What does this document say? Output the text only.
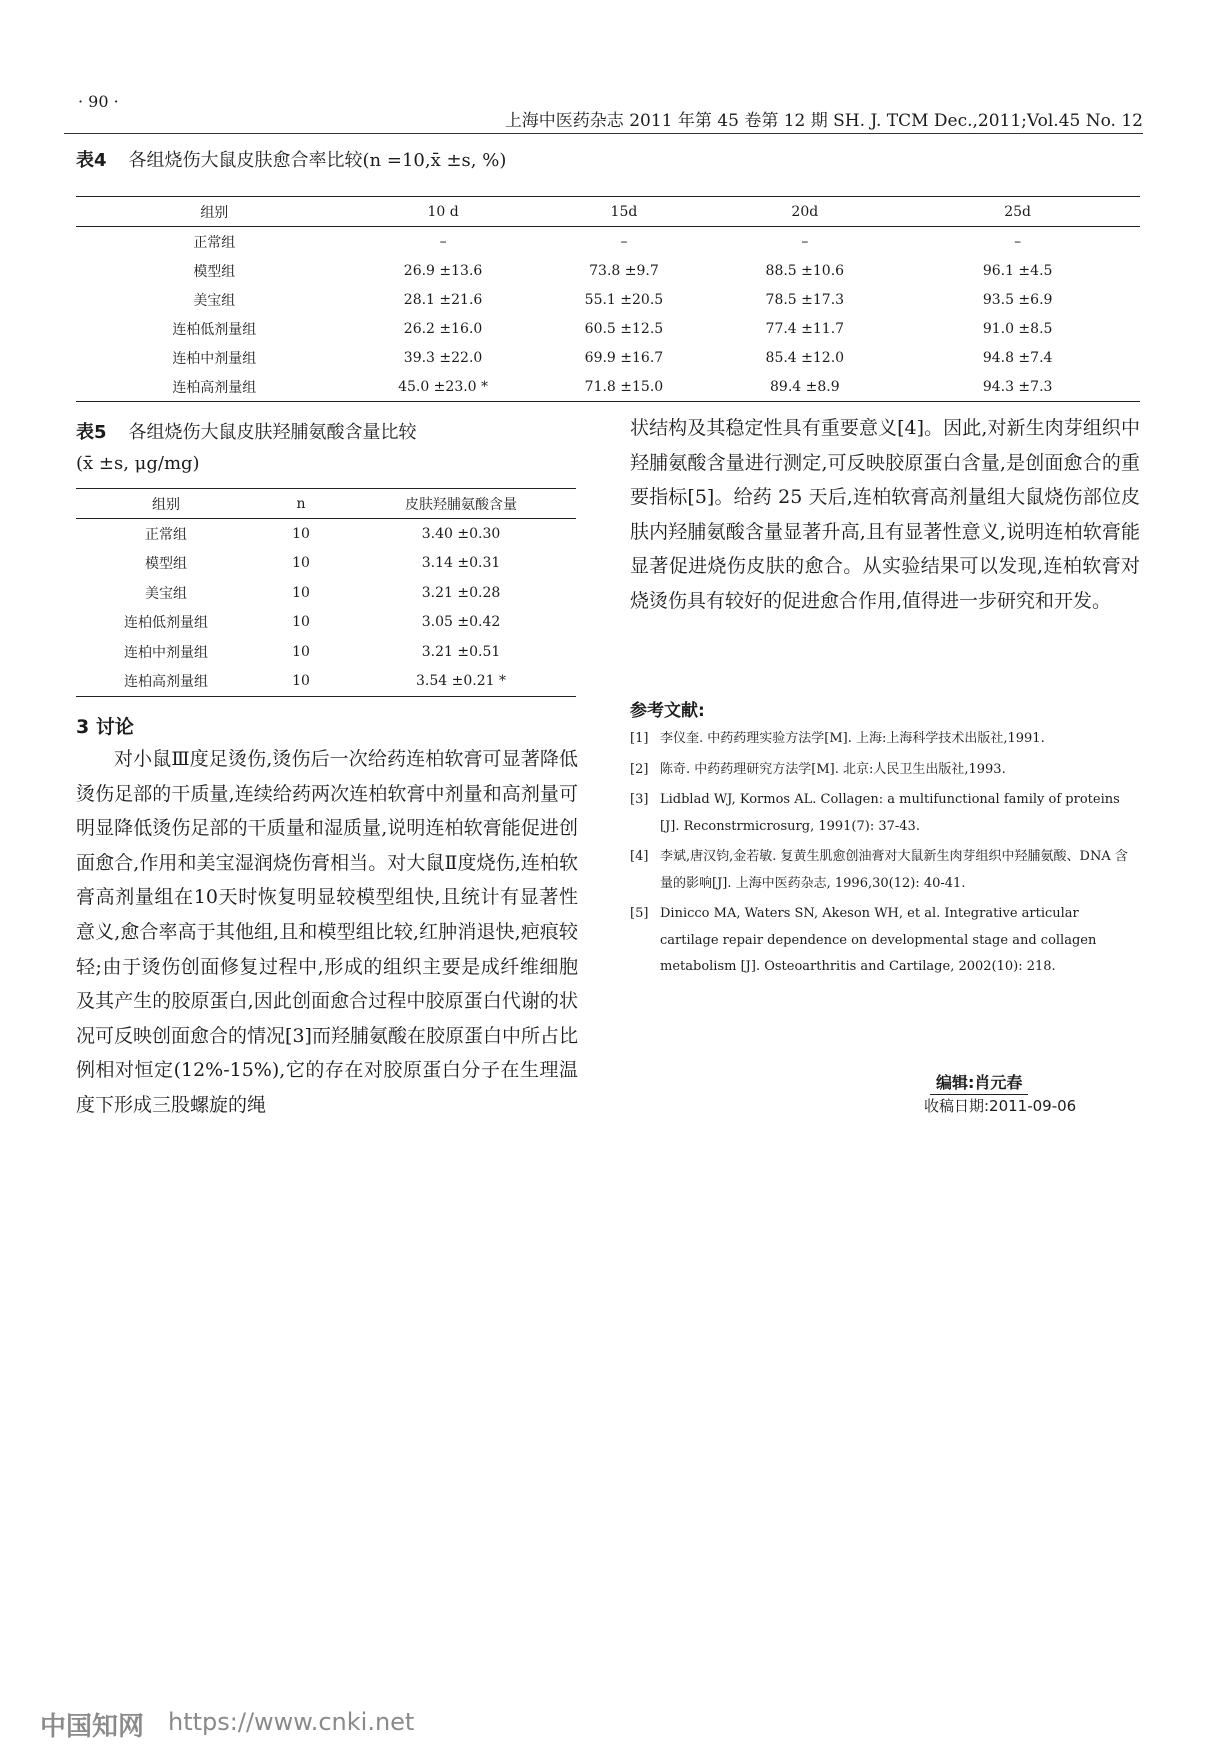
· 90 ·
上海中医药杂志 2011 年第 45 卷第 12 期 SH. J. TCM Dec.,2011;Vol.45 No. 12
表4 各组烧伤大鼠皮肤愈合率比较(n =10,x̄ ±s, %)
组别	10 d	15d	20d	25d
正常组	–	–	–	–
模型组	26.9 ±13.6	73.8 ±9.7	88.5 ±10.6	96.1 ±4.5
美宝组	28.1 ±21.6	55.1 ±20.5	78.5 ±17.3	93.5 ±6.9
连柏低剂量组	26.2 ±16.0	60.5 ±12.5	77.4 ±11.7	91.0 ±8.5
连柏中剂量组	39.3 ±22.0	69.9 ±16.7	85.4 ±12.0	94.8 ±7.4
连柏高剂量组	45.0 ±23.0 *	71.8 ±15.0	89.4 ±8.9	94.3 ±7.3
表5 各组烧伤大鼠皮肤羟脯氨酸含量比较
(x̄ ±s, μg/mg)
组别	n	皮肤羟脯氨酸含量
正常组	10	3.40 ±0.30
模型组	10	3.14 ±0.31
美宝组	10	3.21 ±0.28
连柏低剂量组	10	3.05 ±0.42
连柏中剂量组	10	3.21 ±0.51
连柏高剂量组	10	3.54 ±0.21 *
3 讨论
对小鼠Ⅲ度足烫伤,烫伤后一次给药连柏软膏可显著降低烫伤足部的干质量,连续给药两次连柏软膏中剂量和高剂量可明显降低烫伤足部的干质量和湿质量,说明连柏软膏能促进创面愈合,作用和美宝湿润烧伤膏相当。对大鼠Ⅱ度烧伤,连柏软膏高剂量组在10天时恢复明显较模型组快,且统计有显著性意义,愈合率高于其他组,且和模型组比较,红肿消退快,疤痕较轻;由于烫伤创面修复过程中,形成的组织主要是成纤维细胞及其产生的胶原蛋白,因此创面愈合过程中胶原蛋白代谢的状况可反映创面愈合的情况[3]而羟脯氨酸在胶原蛋白中所占比例相对恒定(12%-15%),它的存在对胶原蛋白分子在生理温度下形成三股螺旋的绳
状结构及其稳定性具有重要意义[4]。因此,对新生肉芽组织中羟脯氨酸含量进行测定,可反映胶原蛋白含量,是创面愈合的重要指标[5]。给药 25 天后,连柏软膏高剂量组大鼠烧伤部位皮肤内羟脯氨酸含量显著升高,且有显著性意义,说明连柏软膏能显著促进烧伤皮肤的愈合。从实验结果可以发现,连柏软膏对烧烫伤具有较好的促进愈合作用,值得进一步研究和开发。
参考文献:
[1] 李仪奎. 中药药理实验方法学[M]. 上海:上海科学技术出版社,1991.
[2] 陈奇. 中药药理研究方法学[M]. 北京:人民卫生出版社,1993.
[3] Lidblad WJ, Kormos AL. Collagen: a multifunctional family of proteins [J]. Reconstrmicrosurg, 1991(7): 37-43.
[4] 李斌,唐汉钧,金若敏. 复黄生肌愈创油膏对大鼠新生肉芽组织中羟脯氨酸、DNA 含量的影响[J]. 上海中医药杂志, 1996,30(12): 40-41.
[5] Dinicco MA, Waters SN, Akeson WH, et al. Integrative articular cartilage repair dependence on developmental stage and collagen metabolism [J]. Osteoarthritis and Cartilage, 2002(10): 218.
编辑:肖元春
收稿日期:2011-09-06
中国知网 https://www.cnki.net
